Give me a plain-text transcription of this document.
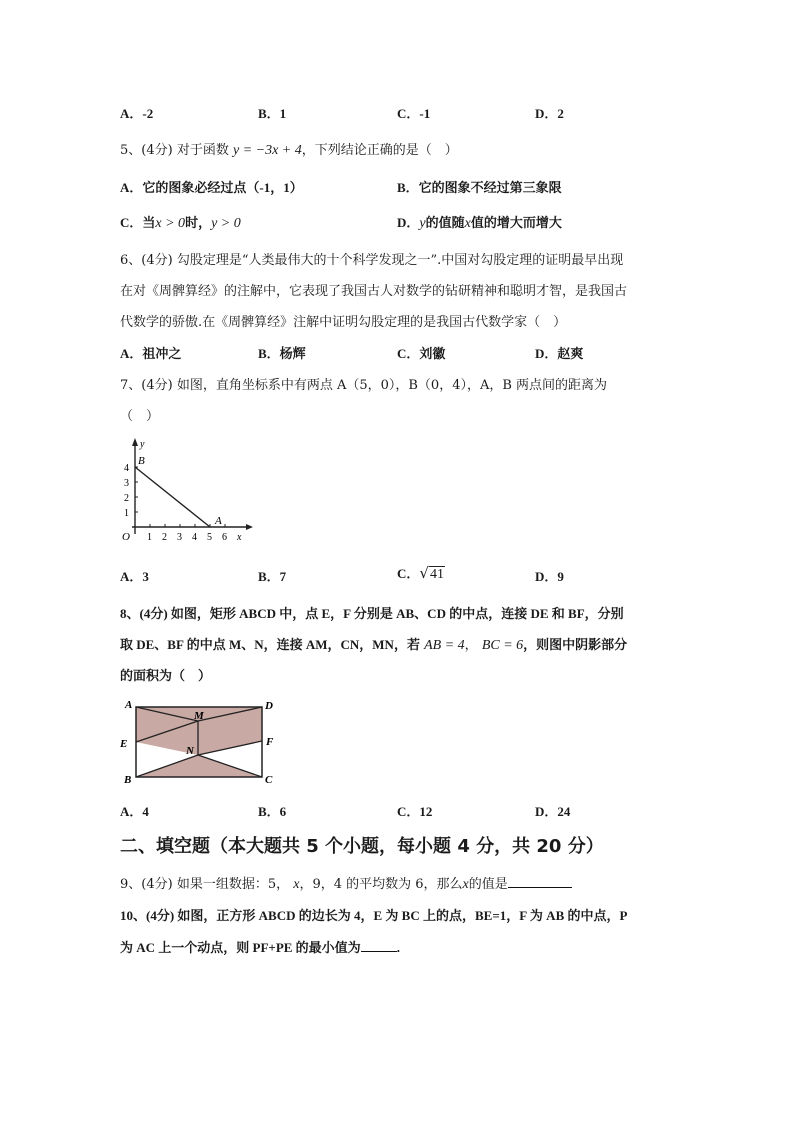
A．-2	B．1	C．-1	D．2
5、(4分) 对于函数 y = −3x + 4，下列结论正确的是（　）
A．它的图象必经过点（-1，1）	B．它的图象不经过第三象限
C．当x > 0时，y > 0	D．y的值随x值的增大而增大
6、(4分) 勾股定理是“人类最伟大的十个科学发现之一”.中国对勾股定理的证明最早出现
在对《周髀算经》的注解中，它表现了我国古人对数学的钻研精神和聪明才智，是我国古
代数学的骄傲.在《周髀算经》注解中证明勾股定理的是我国古代数学家（　）
A．祖冲之	B．杨辉	C．刘徽	D．赵爽
7、(4分) 如图，直角坐标系中有两点 A（5，0），B（0，4），A，B 两点间的距离为
（　）
y
B
4
3
2
1
O 1 2 3 4 5 6
A
x
A．3	B．7	C．√41	D．9
8、(4分) 如图，矩形 ABCD 中，点 E，F 分别是 AB、CD 的中点，连接 DE 和 BF，分别
取 DE、BF 的中点 M、N，连接 AM，CN，MN，若 AB = 4， BC = 6，则图中阴影部分
的面积为（　）
A	D
M
E	F
N
B	C
A．4	B．6	C．12	D．24
二、填空题（本大题共 5 个小题，每小题 4 分，共 20 分）
9、(4分) 如果一组数据：5， x，9，4 的平均数为 6，那么x的值是
10、(4分) 如图，正方形 ABCD 的边长为 4，E 为 BC 上的点，BE=1，F 为 AB 的中点，P
为 AC 上一个动点，则 PF+PE 的最小值为	.
